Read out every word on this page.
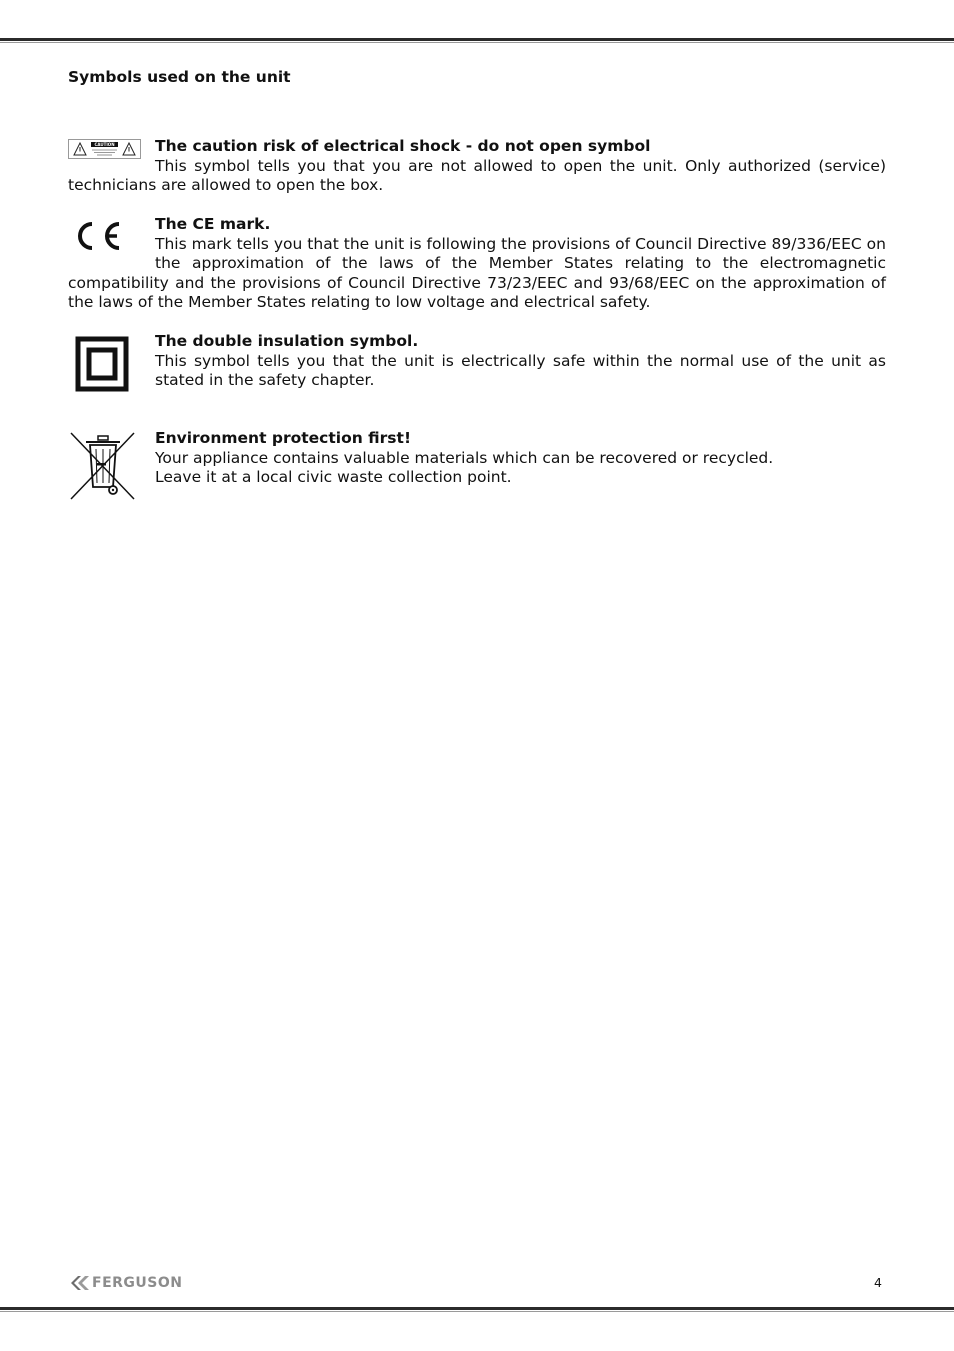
Symbols used on the unit
CAUTION	The caution risk of electrical shock - do not open symbol

This symbol tells you that you are not allowed to open the unit. Only authorized (service) technicians are allowed to open the box.

The CE mark.

This mark tells you that the unit is following the provisions of Council Directive 89/336/EEC on the approximation of the laws of the Member States relating to the electromagnetic compatibility and the provisions of Council Directive 73/23/EEC and 93/68/EEC on the approximation of the laws of the Member States relating to low voltage and electrical safety.

The double insulation symbol.

This symbol tells you that the unit is electrically safe within the normal use of the unit as stated in the safety chapter.

Environment protection first!
Your appliance contains valuable materials which can be recovered or recycled.
Leave it at a local civic waste collection point.
FERGUSON	4
